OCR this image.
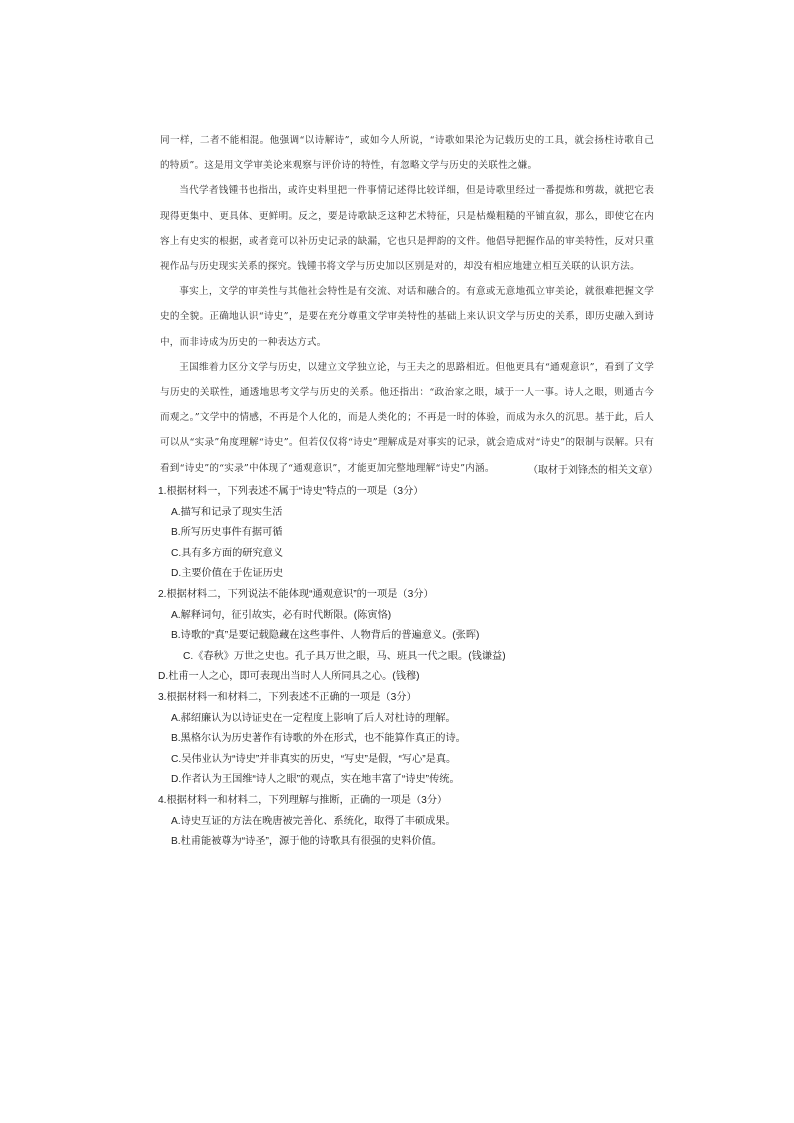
同一样，二者不能相混。他强调“以诗解诗”，或如今人所说，“诗歌如果沦为记载历史的工具，就会扬柱诗歌自己的特质”。这是用文学审美论来观察与评价诗的特性，有忽略文学与历史的关联性之嫌。

当代学者钱锺书也指出，或许史料里把一件事情记述得比较详细，但是诗歌里经过一番提炼和剪裁，就把它表现得更集中、更具体、更鲜明。反之，要是诗歌缺乏这种艺术特征，只是枯燥粗糙的平铺直叙，那么，即使它在内容上有史实的根据，或者竟可以补历史记录的缺漏，它也只是押韵的文件。他倡导把握作品的审美特性，反对只重视作品与历史现实关系的探究。钱锺书将文学与历史加以区别是对的，却没有相应地建立相互关联的认识方法。

事实上，文学的审美性与其他社会特性是有交流、对话和融合的。有意或无意地孤立审美论，就很难把握文学史的全貌。正确地认识“诗史”，是要在充分尊重文学审美特性的基础上来认识文学与历史的关系，即历史融入到诗中，而非诗成为历史的一种表达方式。

王国维着力区分文学与历史，以建立文学独立论，与王夫之的思路相近。但他更具有“通观意识”，看到了文学与历史的关联性，通透地思考文学与历史的关系。他还指出：“政治家之眼，域于一人一事。诗人之眼，则通古今而观之。”文学中的情感，不再是个人化的，而是人类化的；不再是一时的体验，而成为永久的沉思。基于此，后人可以从“实录”角度理解“诗史”。但若仅仅将“诗史”理解成是对事实的记录，就会造成对“诗史”的限制与误解。只有看到“诗史”的“实录”中体现了“通观意识”，才能更加完整地理解“诗史”内涵。	（取材于刘锋杰的相关文章）
1.根据材料一，下列表述不属于“诗史”特点的一项是（3分）
A.描写和记录了现实生活
B.所写历史事件有据可循
C.具有多方面的研究意义
D.主要价值在于佐证历史
2.根据材料二，下列说法不能体现“通观意识”的一项是（3分）
A.解释词句，征引故实，必有时代断限。(陈寅恪)
B.诗歌的“真”是要记载隐藏在这些事件、人物背后的普遍意义。(张晖)
C.《春秋》万世之史也。孔子具万世之眼，马、班具一代之眼。(钱谦益)
D.杜甫一人之心，即可表现出当时人人所同具之心。(钱穆)
3.根据材料一和材料二，下列表述不正确的一项是（3分）
A.郝绍廉认为以诗证史在一定程度上影响了后人对杜诗的理解。
B.黑格尔认为历史著作有诗歌的外在形式，也不能算作真正的诗。
C.吴伟业认为“诗史”并非真实的历史，“写史”是假，“写心”是真。
D.作者认为王国维“诗人之眼”的观点，实在地丰富了“诗史”传统。
4.根据材料一和材料二，下列理解与推断，正确的一项是（3分）
A.诗史互证的方法在晚唐被完善化、系统化，取得了丰硕成果。
B.杜甫能被尊为“诗圣”，源于他的诗歌具有很强的史料价值。
